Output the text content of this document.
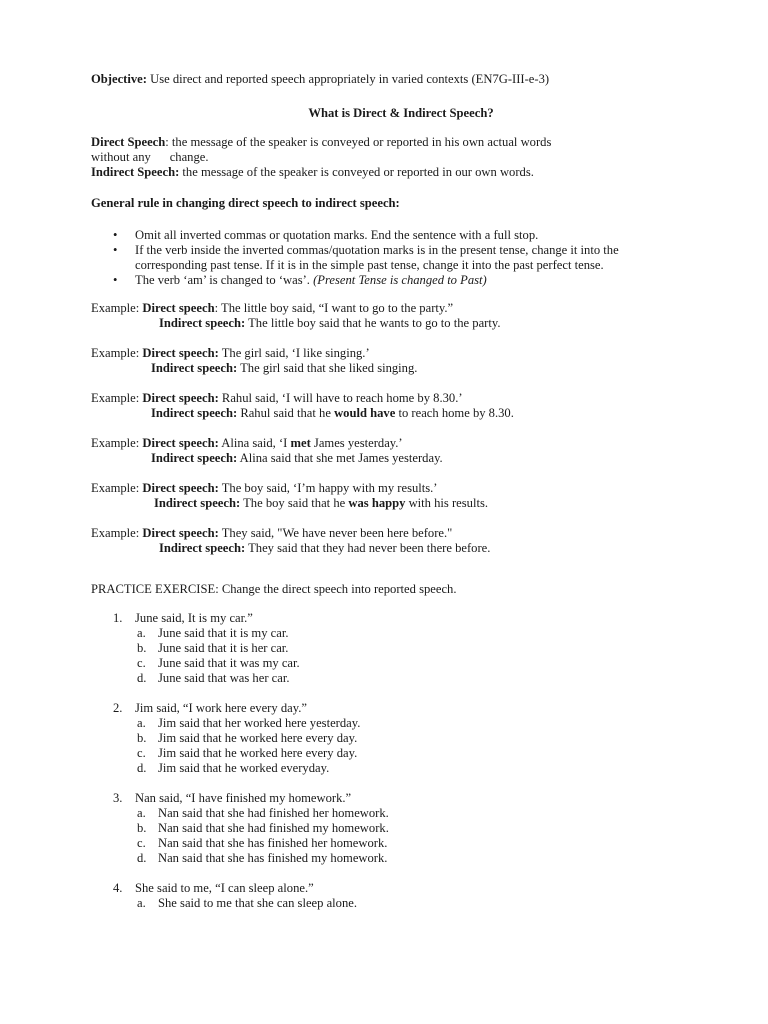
Objective: Use direct and reported speech appropriately in varied contexts (EN7G-III-e-3)
What is Direct & Indirect Speech?
Direct Speech: the message of the speaker is conveyed or reported in his own actual words
without any      change.
Indirect Speech: the message of the speaker is conveyed or reported in our own words.
General rule in changing direct speech to indirect speech:
• Omit all inverted commas or quotation marks. End the sentence with a full stop.
• If the verb inside the inverted commas/quotation marks is in the present tense, change it into the corresponding past tense. If it is in the simple past tense, change it into the past perfect tense.
• The verb ‘am’ is changed to ‘was’. (Present Tense is changed to Past)
Example: Direct speech: The little boy said, “I want to go to the party.”
Indirect speech: The little boy said that he wants to go to the party.
Example: Direct speech: The girl said, ‘I like singing.’
Indirect speech: The girl said that she liked singing.
Example: Direct speech: Rahul said, ‘I will have to reach home by 8.30.’
Indirect speech: Rahul said that he would have to reach home by 8.30.
Example: Direct speech: Alina said, ‘I met James yesterday.’
Indirect speech: Alina said that she met James yesterday.
Example: Direct speech: The boy said, ‘I’m happy with my results.’
Indirect speech: The boy said that he was happy with his results.
Example: Direct speech: They said, "We have never been here before."
Indirect speech: They said that they had never been there before.
PRACTICE EXERCISE: Change the direct speech into reported speech.
1. June said, It is my car.”
a. June said that it is my car.
b. June said that it is her car.
c. June said that it was my car.
d. June said that was her car.
2. Jim said, “I work here every day.”
a. Jim said that her worked here yesterday.
b. Jim said that he worked here every day.
c. Jim said that he worked here every day.
d. Jim said that he worked everyday.
3. Nan said, “I have finished my homework.”
a. Nan said that she had finished her homework.
b. Nan said that she had finished my homework.
c. Nan said that she has finished her homework.
d. Nan said that she has finished my homework.
4. She said to me, “I can sleep alone.”
a. She said to me that she can sleep alone.
